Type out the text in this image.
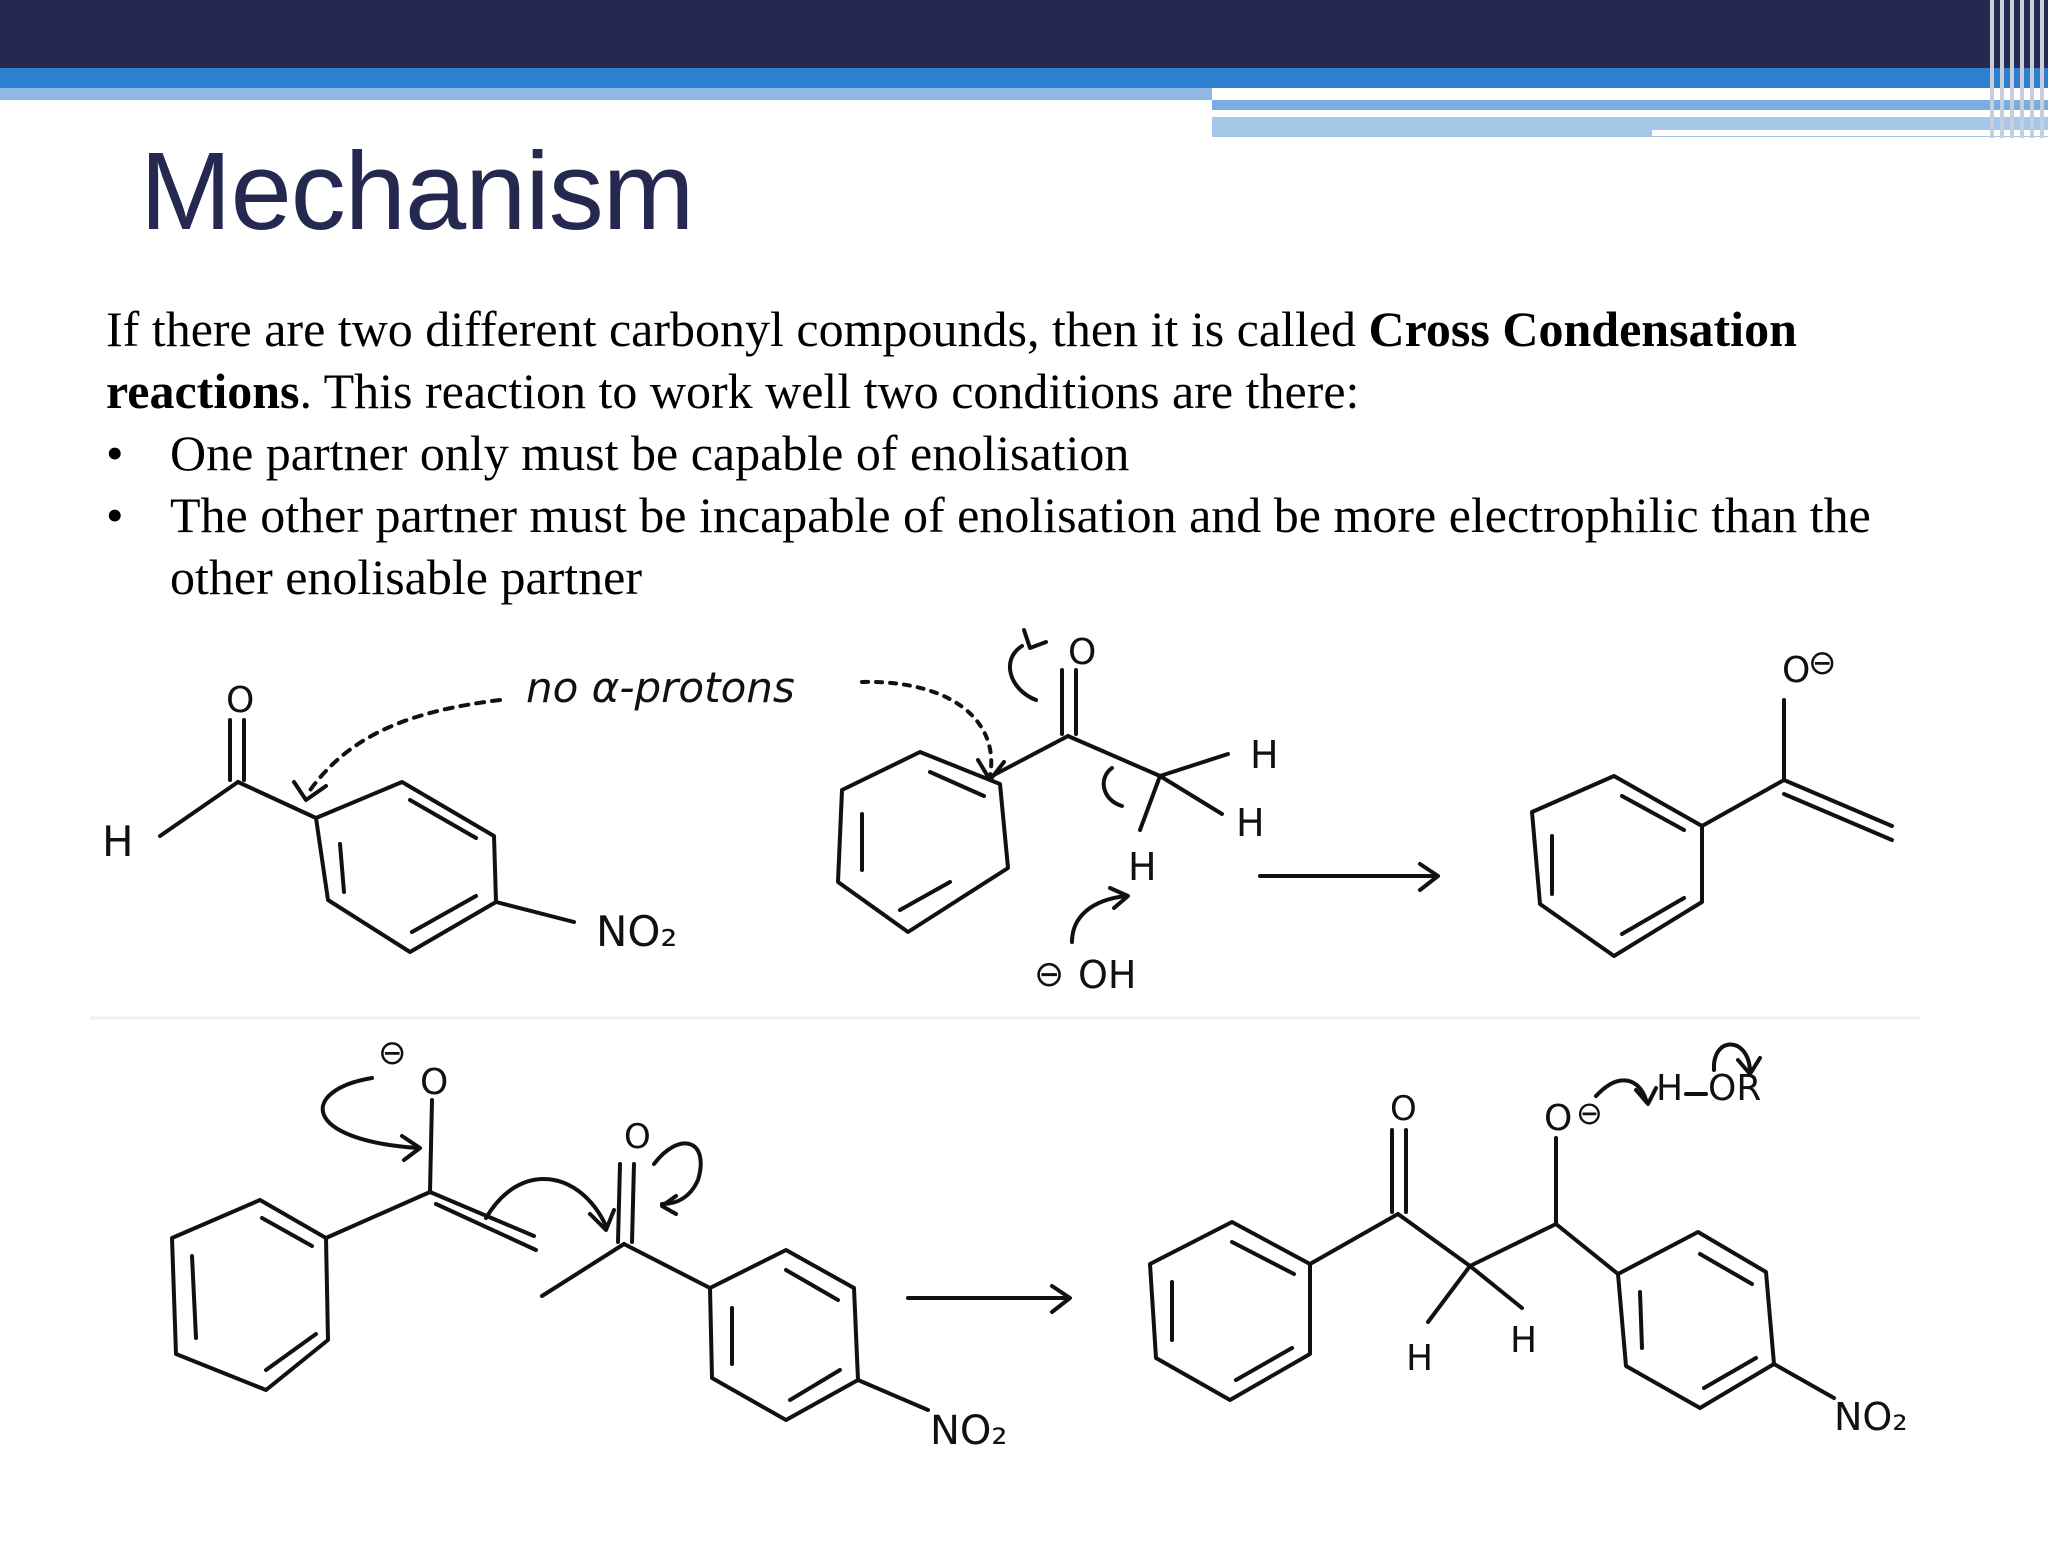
Mechanism

If there are two different carbonyl compounds, then it is called Cross Condensation reactions. This reaction to work well two conditions are there:

• One partner only must be capable of enolisation
• The other partner must be incapable of enolisation and be more electrophilic than the other enolisable partner
O
H
NO₂
no α-protons
O
H
H
H
⊖ OH
O
⊖
O
⊖
O
NO₂
O
H H
O ⊖
H OR
NO₂
